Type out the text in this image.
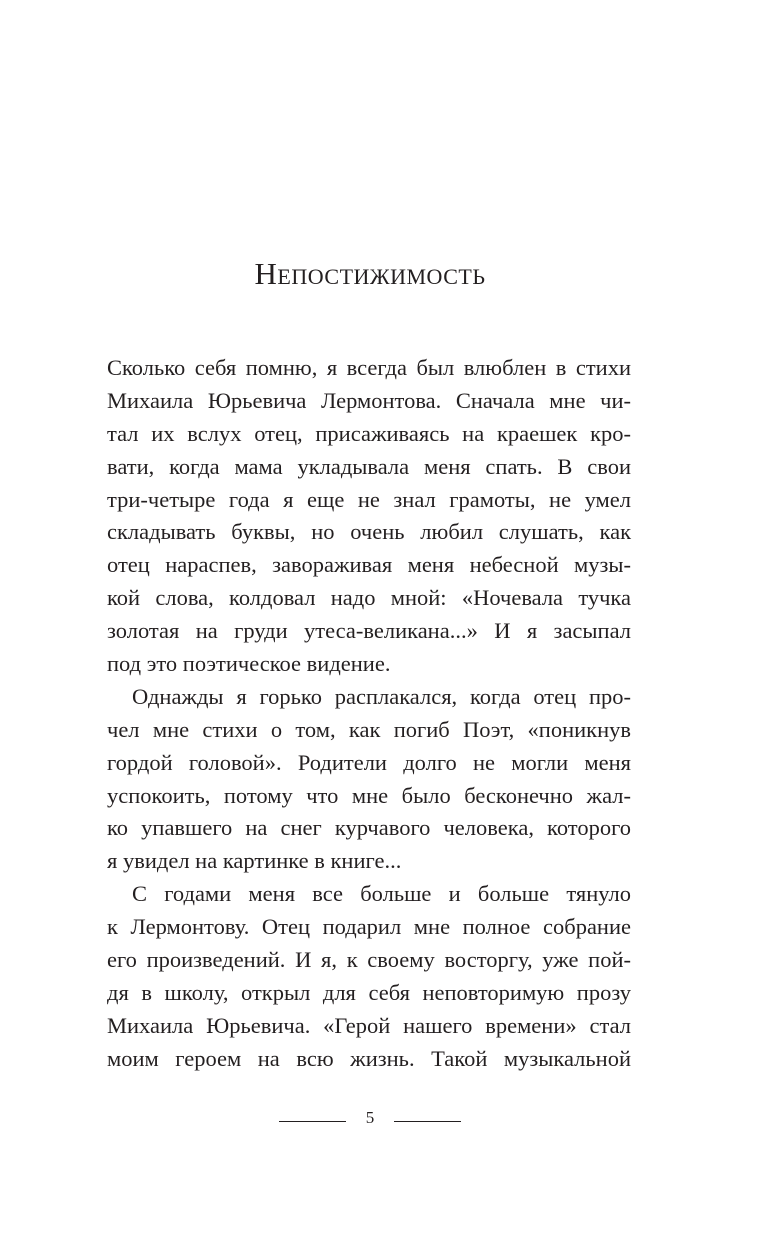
Непостижимость
Сколько себя помню, я всегда был влюблен в стихи
Михаила Юрьевича Лермонтова. Сначала мне чи-
тал их вслух отец, присаживаясь на краешек кро-
вати, когда мама укладывала меня спать. В свои
три-четыре года я еще не знал грамоты, не умел
складывать буквы, но очень любил слушать, как
отец нараспев, завораживая меня небесной музы-
кой слова, колдовал надо мной: «Ночевала тучка
золотая на груди утеса-великана...» И я засыпал
под это поэтическое видение.
Однажды я горько расплакался, когда отец про-
чел мне стихи о том, как погиб Поэт, «поникнув
гордой головой». Родители долго не могли меня
успокоить, потому что мне было бесконечно жал-
ко упавшего на снег курчавого человека, которого
я увидел на картинке в книге...
С годами меня все больше и больше тянуло
к Лермонтову. Отец подарил мне полное собрание
его произведений. И я, к своему восторгу, уже пой-
дя в школу, открыл для себя неповторимую прозу
Михаила Юрьевича. «Герой нашего времени» стал
моим героем на всю жизнь. Такой музыкальной
5
